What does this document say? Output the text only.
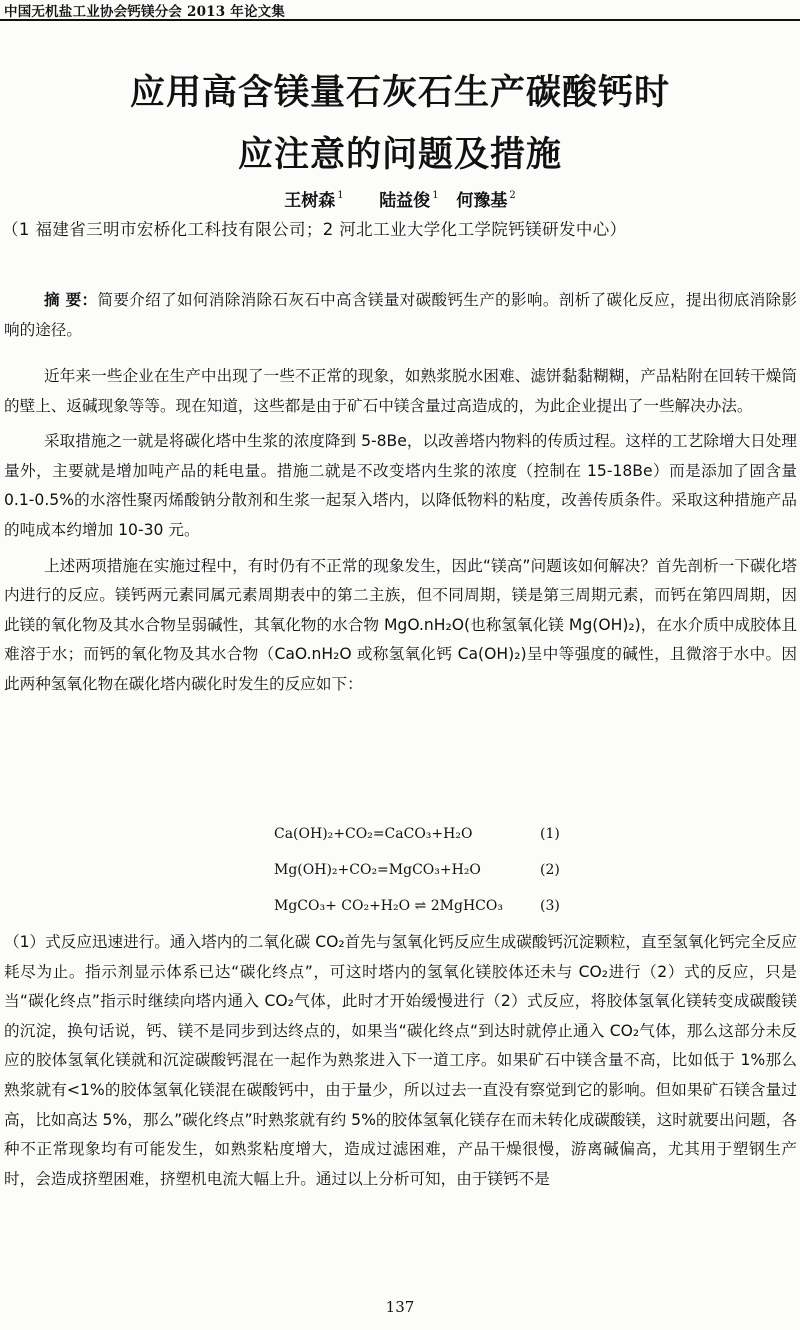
中国无机盐工业协会钙镁分会 2013 年论文集
应用高含镁量石灰石生产碳酸钙时
应注意的问题及措施
王树森 $^1$ 陆益俊 $^1$ 何豫基 $^2$
（1 福建省三明市宏桥化工科技有限公司；2 河北工业大学化工学院钙镁研发中心）

摘 要：简要介绍了如何消除消除石灰石中高含镁量对碳酸钙生产的影响。剖析了碳化反应，提出彻底消除影响的途径。

近年来一些企业在生产中出现了一些不正常的现象，如熟浆脱水困难、滤饼黏黏糊糊，产品粘附在回转干燥筒的壁上、返碱现象等等。现在知道，这些都是由于矿石中镁含量过高造成的，为此企业提出了一些解决办法。

采取措施之一就是将碳化塔中生浆的浓度降到 5-8Be，以改善塔内物料的传质过程。这样的工艺除增大日处理量外，主要就是增加吨产品的耗电量。措施二就是不改变塔内生浆的浓度（控制在 15-18Be）而是添加了固含量 0.1-0.5%的水溶性聚丙烯酸钠分散剂和生浆一起泵入塔内，以降低物料的粘度，改善传质条件。采取这种措施产品的吨成本约增加 10-30 元。

上述两项措施在实施过程中，有时仍有不正常的现象发生，因此“镁高”问题该如何解决？首先剖析一下碳化塔内进行的反应。镁钙两元素同属元素周期表中的第二主族，但不同周期，镁是第三周期元素，而钙在第四周期，因此镁的氧化物及其水合物呈弱碱性，其氧化物的水合物 MgO.nH₂O(也称氢氧化镁 Mg(OH)₂)，在水介质中成胶体且难溶于水；而钙的氧化物及其水合物（CaO.nH₂O 或称氢氧化钙 Ca(OH)₂)呈中等强度的碱性，且微溶于水中。因此两种氢氧化物在碳化塔内碳化时发生的反应如下：

Ca(OH)₂+CO₂=CaCO₃+H₂O	(1)
Mg(OH)₂+CO₂=MgCO₃+H₂O	(2)
MgCO₃+ CO₂+H₂O ⇌ 2MgHCO₃	(3)

（1）式反应迅速进行。通入塔内的二氧化碳 CO₂首先与氢氧化钙反应生成碳酸钙沉淀颗粒，直至氢氧化钙完全反应耗尽为止。指示剂显示体系已达“碳化终点”，可这时塔内的氢氧化镁胶体还未与 CO₂进行（2）式的反应，只是当“碳化终点”指示时继续向塔内通入 CO₂气体，此时才开始缓慢进行（2）式反应，将胶体氢氧化镁转变成碳酸镁的沉淀，换句话说，钙、镁不是同步到达终点的，如果当“碳化终点“到达时就停止通入 CO₂气体，那么这部分未反应的胶体氢氧化镁就和沉淀碳酸钙混在一起作为熟浆进入下一道工序。如果矿石中镁含量不高，比如低于 1%那么熟浆就有<1%的胶体氢氧化镁混在碳酸钙中，由于量少，所以过去一直没有察觉到它的影响。但如果矿石镁含量过高，比如高达 5%，那么”碳化终点”时熟浆就有约 5%的胶体氢氧化镁存在而未转化成碳酸镁，这时就要出问题，各种不正常现象均有可能发生，如熟浆粘度增大，造成过滤困难，产品干燥很慢，游离碱偏高，尤其用于塑钢生产时，会造成挤塑困难，挤塑机电流大幅上升。通过以上分析可知，由于镁钙不是

137
